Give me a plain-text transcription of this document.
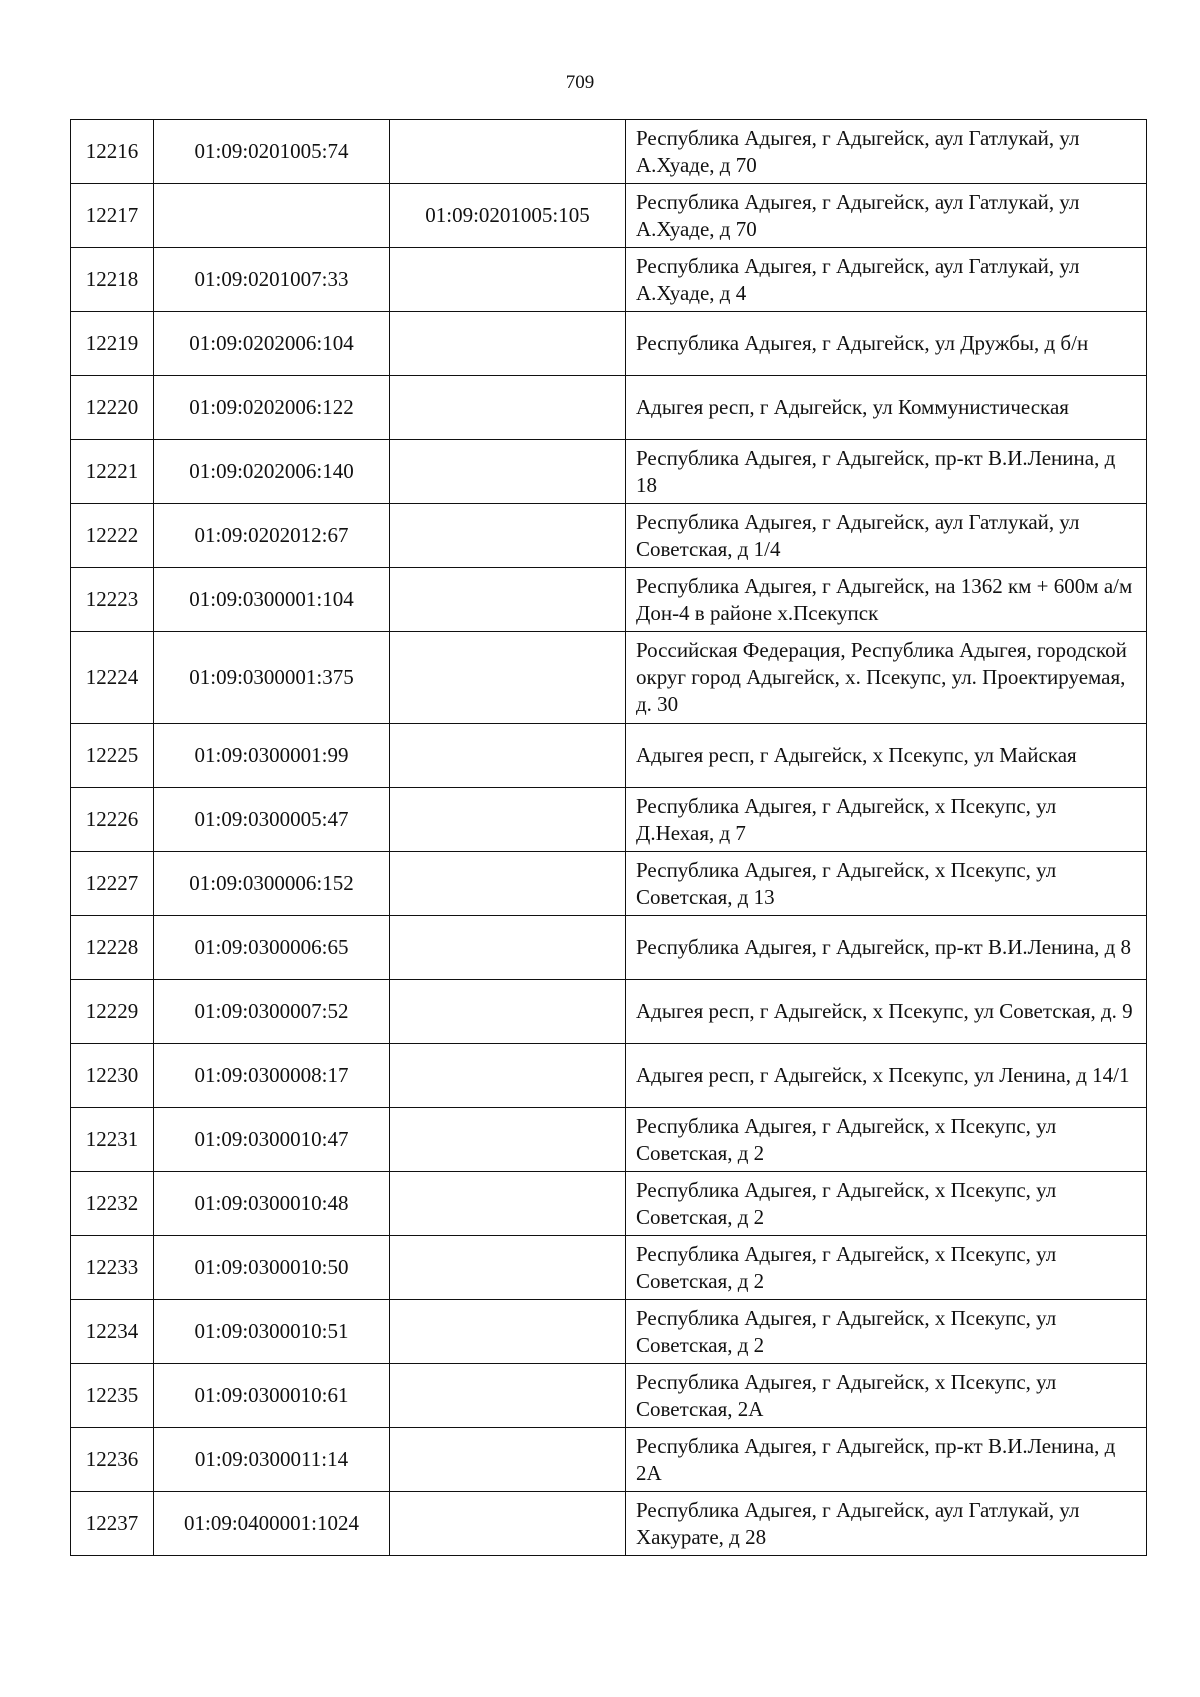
709
12216	01:09:0201005:74		Республика Адыгея, г Адыгейск, аул Гатлукай, ул А.Хуаде, д 70
12217		01:09:0201005:105	Республика Адыгея, г Адыгейск, аул Гатлукай, ул А.Хуаде, д 70
12218	01:09:0201007:33		Республика Адыгея, г Адыгейск, аул Гатлукай, ул А.Хуаде, д 4
12219	01:09:0202006:104		Республика Адыгея, г Адыгейск, ул Дружбы, д б/н
12220	01:09:0202006:122		Адыгея респ, г Адыгейск, ул Коммунистическая
12221	01:09:0202006:140		Республика Адыгея, г Адыгейск, пр-кт В.И.Ленина, д 18
12222	01:09:0202012:67		Республика Адыгея, г Адыгейск, аул Гатлукай, ул Советская, д 1/4
12223	01:09:0300001:104		Республика Адыгея, г Адыгейск, на 1362 км + 600м а/м Дон-4 в районе х.Псекупск
12224	01:09:0300001:375		Российская Федерация, Республика Адыгея, городской округ город Адыгейск, х. Псекупс, ул. Проектируемая, д. 30
12225	01:09:0300001:99		Адыгея респ, г Адыгейск, х Псекупс, ул Майская
12226	01:09:0300005:47		Республика Адыгея, г Адыгейск, х Псекупс, ул Д.Нехая, д 7
12227	01:09:0300006:152		Республика Адыгея, г Адыгейск, х Псекупс, ул Советская, д 13
12228	01:09:0300006:65		Республика Адыгея, г Адыгейск, пр-кт В.И.Ленина, д 8
12229	01:09:0300007:52		Адыгея респ, г Адыгейск, х Псекупс, ул Советская, д. 9
12230	01:09:0300008:17		Адыгея респ, г Адыгейск, х Псекупс, ул Ленина, д 14/1
12231	01:09:0300010:47		Республика Адыгея, г Адыгейск, х Псекупс, ул Советская, д 2
12232	01:09:0300010:48		Республика Адыгея, г Адыгейск, х Псекупс, ул Советская, д 2
12233	01:09:0300010:50		Республика Адыгея, г Адыгейск, х Псекупс, ул Советская, д 2
12234	01:09:0300010:51		Республика Адыгея, г Адыгейск, х Псекупс, ул Советская, д 2
12235	01:09:0300010:61		Республика Адыгея, г Адыгейск, х Псекупс, ул Советская, 2А
12236	01:09:0300011:14		Республика Адыгея, г Адыгейск, пр-кт В.И.Ленина, д 2А
12237	01:09:0400001:1024		Республика Адыгея, г Адыгейск, аул Гатлукай, ул Хакурате, д 28
